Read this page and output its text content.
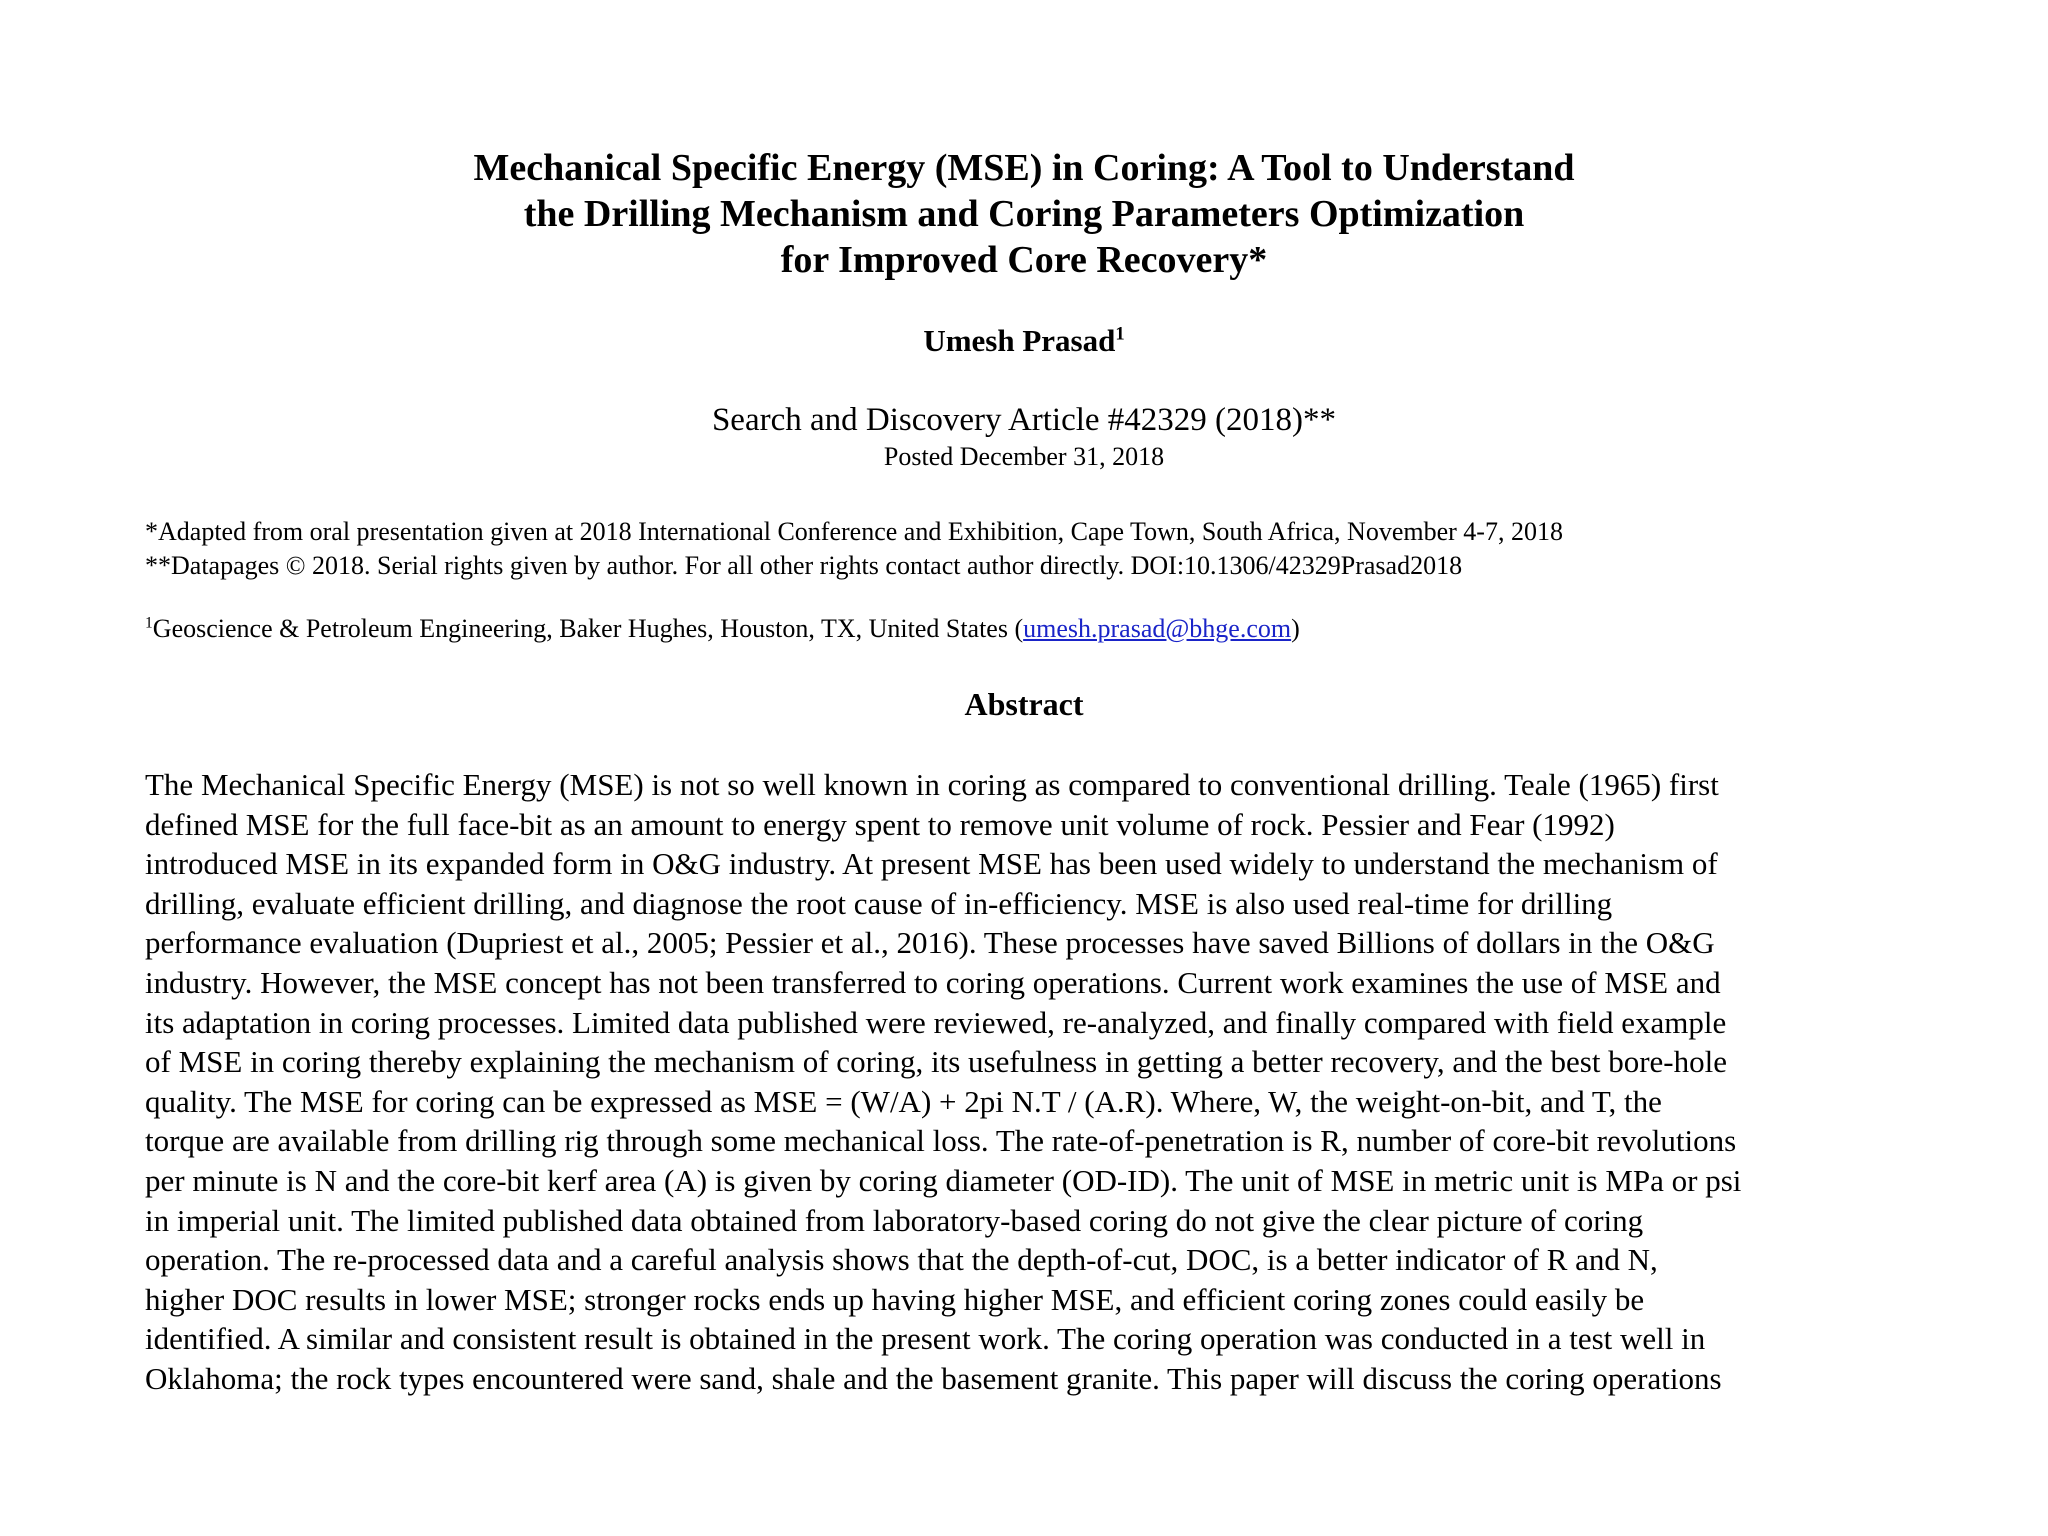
Mechanical Specific Energy (MSE) in Coring: A Tool to Understand
the Drilling Mechanism and Coring Parameters Optimization
for Improved Core Recovery*
Umesh Prasad$^1$
Search and Discovery Article #42329 (2018)**
Posted December 31, 2018
*Adapted from oral presentation given at 2018 International Conference and Exhibition, Cape Town, South Africa, November 4-7, 2018
**Datapages © 2018. Serial rights given by author. For all other rights contact author directly. DOI:10.1306/42329Prasad2018
$^1$Geoscience & Petroleum Engineering, Baker Hughes, Houston, TX, United States (umesh.prasad@bhge.com)
Abstract
The Mechanical Specific Energy (MSE) is not so well known in coring as compared to conventional drilling. Teale (1965) first
defined MSE for the full face-bit as an amount to energy spent to remove unit volume of rock. Pessier and Fear (1992)
introduced MSE in its expanded form in O&G industry. At present MSE has been used widely to understand the mechanism of
drilling, evaluate efficient drilling, and diagnose the root cause of in-efficiency. MSE is also used real-time for drilling
performance evaluation (Dupriest et al., 2005; Pessier et al., 2016). These processes have saved Billions of dollars in the O&G
industry. However, the MSE concept has not been transferred to coring operations. Current work examines the use of MSE and
its adaptation in coring processes. Limited data published were reviewed, re-analyzed, and finally compared with field example
of MSE in coring thereby explaining the mechanism of coring, its usefulness in getting a better recovery, and the best bore-hole
quality. The MSE for coring can be expressed as MSE = (W/A) + 2pi N.T / (A.R). Where, W, the weight-on-bit, and T, the
torque are available from drilling rig through some mechanical loss. The rate-of-penetration is R, number of core-bit revolutions
per minute is N and the core-bit kerf area (A) is given by coring diameter (OD-ID). The unit of MSE in metric unit is MPa or psi
in imperial unit. The limited published data obtained from laboratory-based coring do not give the clear picture of coring
operation. The re-processed data and a careful analysis shows that the depth-of-cut, DOC, is a better indicator of R and N,
higher DOC results in lower MSE; stronger rocks ends up having higher MSE, and efficient coring zones could easily be
identified. A similar and consistent result is obtained in the present work. The coring operation was conducted in a test well in
Oklahoma; the rock types encountered were sand, shale and the basement granite. This paper will discuss the coring operations
